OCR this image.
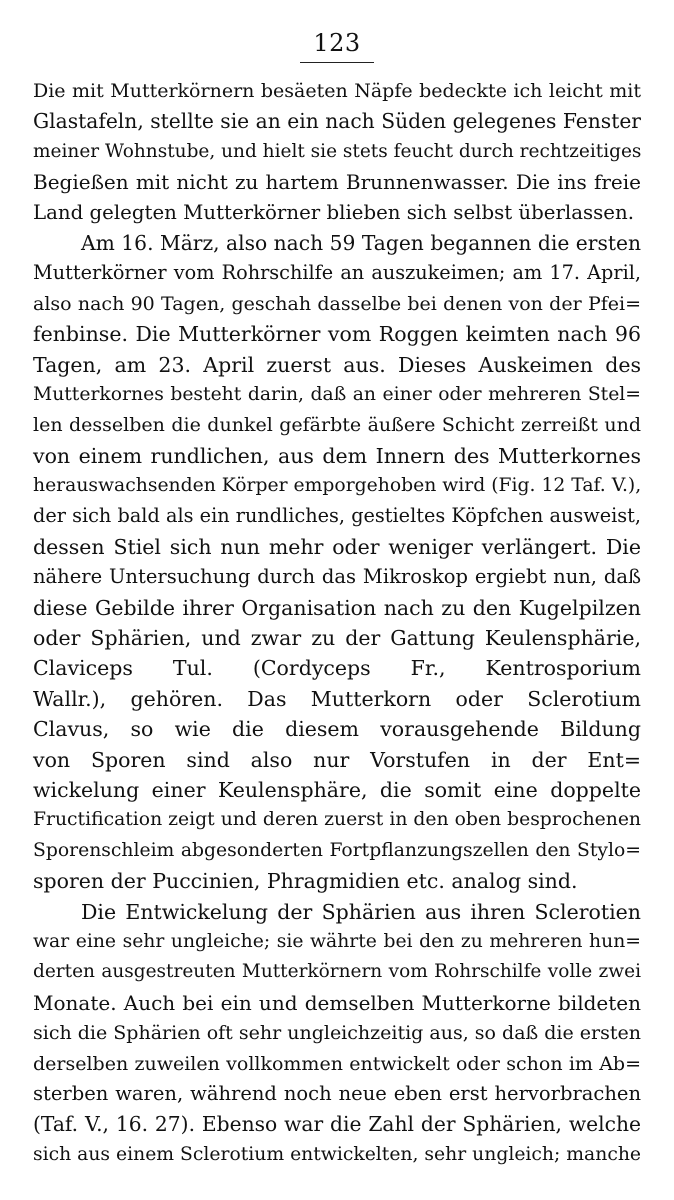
123
Die mit Mutterkörnern besäeten Näpfe bedeckte ich leicht mit
Glastafeln, stellte sie an ein nach Süden gelegenes Fenster
meiner Wohnstube, und hielt sie stets feucht durch rechtzeitiges
Begießen mit nicht zu hartem Brunnenwasser. Die ins freie
Land gelegten Mutterkörner blieben sich selbst überlassen.
Am 16. März, also nach 59 Tagen begannen die ersten
Mutterkörner vom Rohrschilfe an auszukeimen; am 17. April,
also nach 90 Tagen, geschah dasselbe bei denen von der Pfei=
fenbinse. Die Mutterkörner vom Roggen keimten nach 96
Tagen, am 23. April zuerst aus. Dieses Auskeimen des
Mutterkornes besteht darin, daß an einer oder mehreren Stel=
len desselben die dunkel gefärbte äußere Schicht zerreißt und
von einem rundlichen, aus dem Innern des Mutterkornes
herauswachsenden Körper emporgehoben wird (Fig. 12 Taf. V.),
der sich bald als ein rundliches, gestieltes Köpfchen ausweist,
dessen Stiel sich nun mehr oder weniger verlängert. Die
nähere Untersuchung durch das Mikroskop ergiebt nun, daß
diese Gebilde ihrer Organisation nach zu den Kugelpilzen
oder Sphärien, und zwar zu der Gattung Keulensphärie,
Claviceps Tul. (Cordyceps Fr., Kentrosporium
Wallr.), gehören. Das Mutterkorn oder Sclerotium
Clavus, so wie die diesem vorausgehende Bildung
von Sporen sind also nur Vorstufen in der Ent=
wickelung einer Keulensphäre, die somit eine doppelte
Fructification zeigt und deren zuerst in den oben besprochenen
Sporenschleim abgesonderten Fortpflanzungszellen den Stylo=
sporen der Puccinien, Phragmidien etc. analog sind.
Die Entwickelung der Sphärien aus ihren Sclerotien
war eine sehr ungleiche; sie währte bei den zu mehreren hun=
derten ausgestreuten Mutterkörnern vom Rohrschilfe volle zwei
Monate. Auch bei ein und demselben Mutterkorne bildeten
sich die Sphärien oft sehr ungleichzeitig aus, so daß die ersten
derselben zuweilen vollkommen entwickelt oder schon im Ab=
sterben waren, während noch neue eben erst hervorbrachen
(Taf. V., 16. 27). Ebenso war die Zahl der Sphärien, welche
sich aus einem Sclerotium entwickelten, sehr ungleich; manche
